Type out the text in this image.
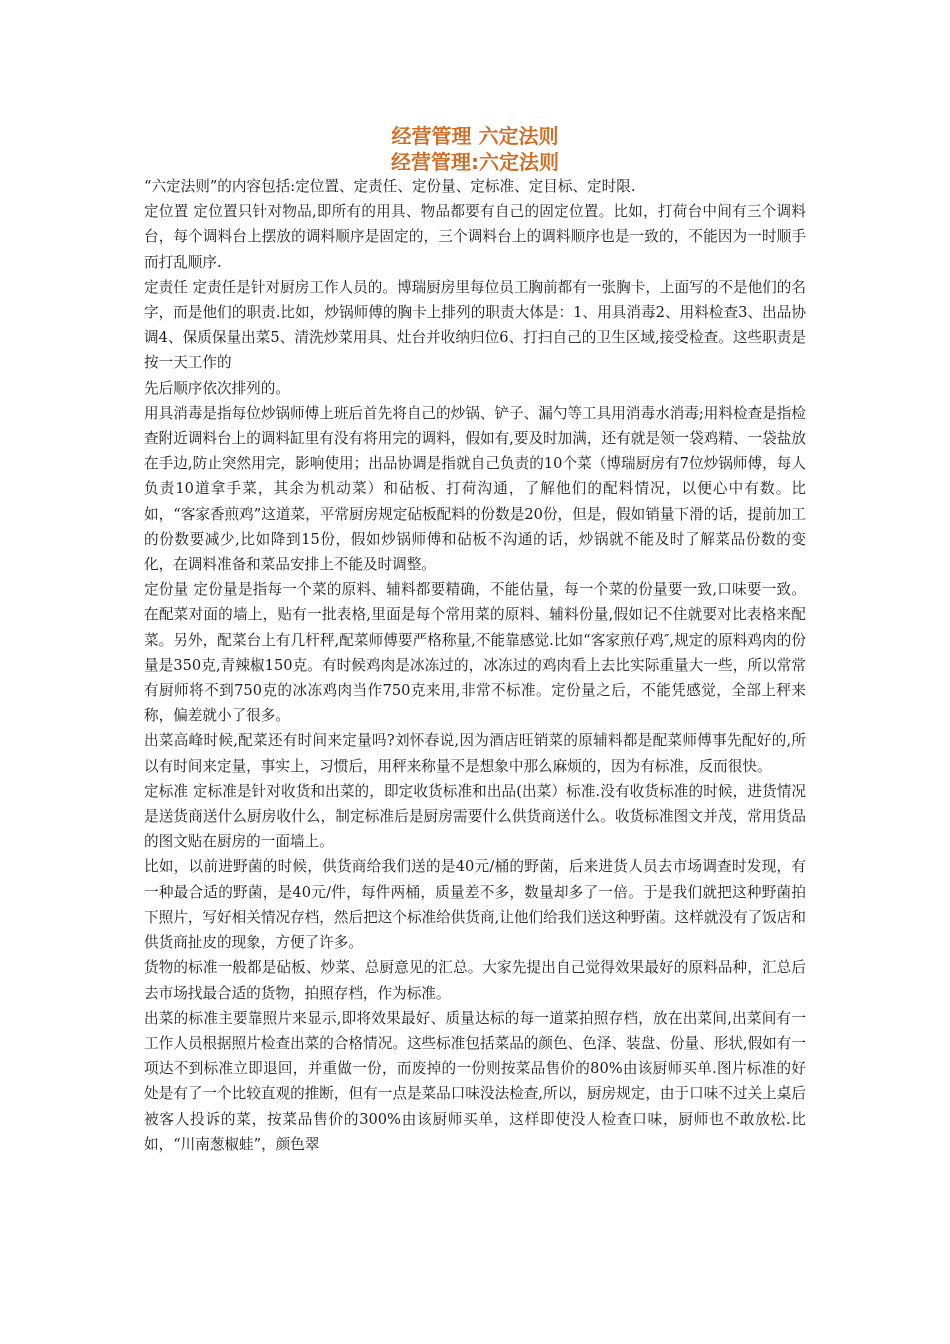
经营管理 六定法则
经营管理:六定法则

“六定法则”的内容包括:定位置、定责任、定份量、定标准、定目标、定时限.

定位置 定位置只针对物品,即所有的用具、物品都要有自己的固定位置。比如，打荷台中间有三个调料台，每个调料台上摆放的调料顺序是固定的，三个调料台上的调料顺序也是一致的，不能因为一时顺手而打乱顺序.

定责任 定责任是针对厨房工作人员的。博瑞厨房里每位员工胸前都有一张胸卡，上面写的不是他们的名字，而是他们的职责.比如，炒锅师傅的胸卡上排列的职责大体是：1、用具消毒2、用料检查3、出品协调4、保质保量出菜5、清洗炒菜用具、灶台并收纳归位6、打扫自己的卫生区域,接受检查。这些职责是按一天工作的

先后顺序依次排列的。

用具消毒是指每位炒锅师傅上班后首先将自己的炒锅、铲子、漏勺等工具用消毒水消毒;用料检查是指检查附近调料台上的调料缸里有没有将用完的调料，假如有,要及时加满，还有就是领一袋鸡精、一袋盐放在手边,防止突然用完，影响使用；出品协调是指就自己负责的10个菜（博瑞厨房有7位炒锅师傅，每人负责10道拿手菜，其余为机动菜）和砧板、打荷沟通，了解他们的配料情况，以便心中有数。比如，“客家香煎鸡”这道菜，平常厨房规定砧板配料的份数是20份，但是，假如销量下滑的话，提前加工的份数要减少,比如降到15份，假如炒锅师傅和砧板不沟通的话，炒锅就不能及时了解菜品份数的变化，在调料准备和菜品安排上不能及时调整。

定份量 定份量是指每一个菜的原料、辅料都要精确，不能估量，每一个菜的份量要一致,口味要一致。在配菜对面的墙上，贴有一批表格,里面是每个常用菜的原料、辅料份量,假如记不住就要对比表格来配菜。另外，配菜台上有几杆秤,配菜师傅要严格称量,不能靠感觉.比如“客家煎仔鸡″,规定的原料鸡肉的份量是350克,青辣椒150克。有时候鸡肉是冰冻过的，冰冻过的鸡肉看上去比实际重量大一些，所以常常有厨师将不到750克的冰冻鸡肉当作750克来用,非常不标准。定份量之后，不能凭感觉，全部上秤来称，偏差就小了很多。

出菜高峰时候,配菜还有时间来定量吗?刘怀春说,因为酒店旺销菜的原辅料都是配菜师傅事先配好的,所以有时间来定量，事实上，习惯后，用秤来称量不是想象中那么麻烦的，因为有标准，反而很快。

定标准 定标准是针对收货和出菜的，即定收货标准和出品(出菜）标准.没有收货标准的时候，进货情况是送货商送什么厨房收什么，制定标准后是厨房需要什么供货商送什么。收货标准图文并茂，常用货品的图文贴在厨房的一面墙上。

比如，以前进野菌的时候，供货商给我们送的是40元/桶的野菌，后来进货人员去市场调查时发现，有一种最合适的野菌，是40元/件，每件两桶，质量差不多，数量却多了一倍。于是我们就把这种野菌拍下照片，写好相关情况存档，然后把这个标准给供货商,让他们给我们送这种野菌。这样就没有了饭店和供货商扯皮的现象，方便了许多。

货物的标准一般都是砧板、炒菜、总厨意见的汇总。大家先提出自己觉得效果最好的原料品种，汇总后去市场找最合适的货物，拍照存档，作为标准。

出菜的标准主要靠照片来显示,即将效果最好、质量达标的每一道菜拍照存档，放在出菜间,出菜间有一工作人员根据照片检查出菜的合格情况。这些标准包括菜品的颜色、色泽、装盘、份量、形状,假如有一项达不到标准立即退回，并重做一份，而废掉的一份则按菜品售价的80%由该厨师买单.图片标准的好处是有了一个比较直观的推断，但有一点是菜品口味没法检查,所以，厨房规定，由于口味不过关上桌后被客人投诉的菜，按菜品售价的300%由该厨师买单，这样即使没人检查口味，厨师也不敢放松.比如，“川南葱椒蛙”，颜色翠
